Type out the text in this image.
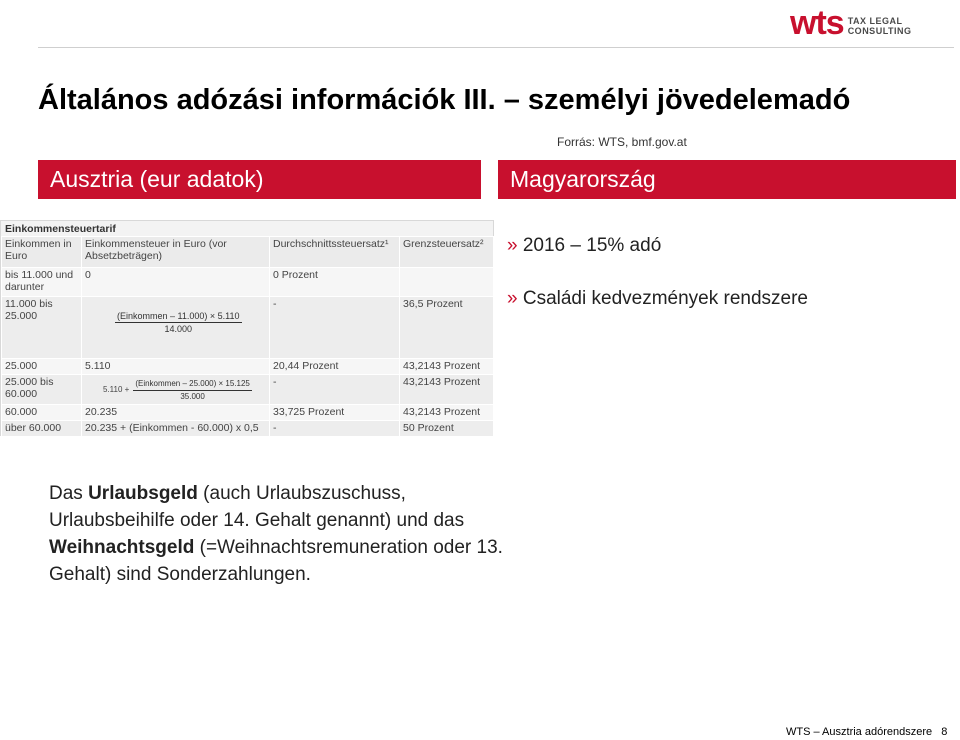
wts TAX LEGAL CONSULTING
Általános adózási információk III. – személyi jövedelemadó
Forrás: WTS, bmf.gov.at
Ausztria (eur adatok)	Magyarország
Einkommensteuertarif
Einkommen in Euro	Einkommensteuer in Euro (vor Absetzbeträgen)	Durchschnittssteuersatz¹	Grenzsteuersatz²
bis 11.000 und darunter	0	0 Prozent	
11.000 bis 25.000	$\frac{\text{(Einkommen – 11.000) × 5.110}}{14.000}$	-	36,5 Prozent
25.000	5.110	20,44 Prozent	43,2143 Prozent
25.000 bis 60.000	$5.110 + \frac{\text{(Einkommen – 25.000) × 15.125}}{35.000}$	-	43,2143 Prozent
60.000	20.235	33,725 Prozent	43,2143 Prozent
über 60.000	20.235 + (Einkommen - 60.000) x 0,5	-	50 Prozent
» 2016 – 15% adó
» Családi kedvezmények rendszere
Das Urlaubsgeld (auch Urlaubszuschuss, Urlaubsbeihilfe oder 14. Gehalt genannt) und das Weihnachtsgeld (=Weihnachtsremuneration oder 13. Gehalt) sind Sonderzahlungen.
WTS – Ausztria adórendszere   8
